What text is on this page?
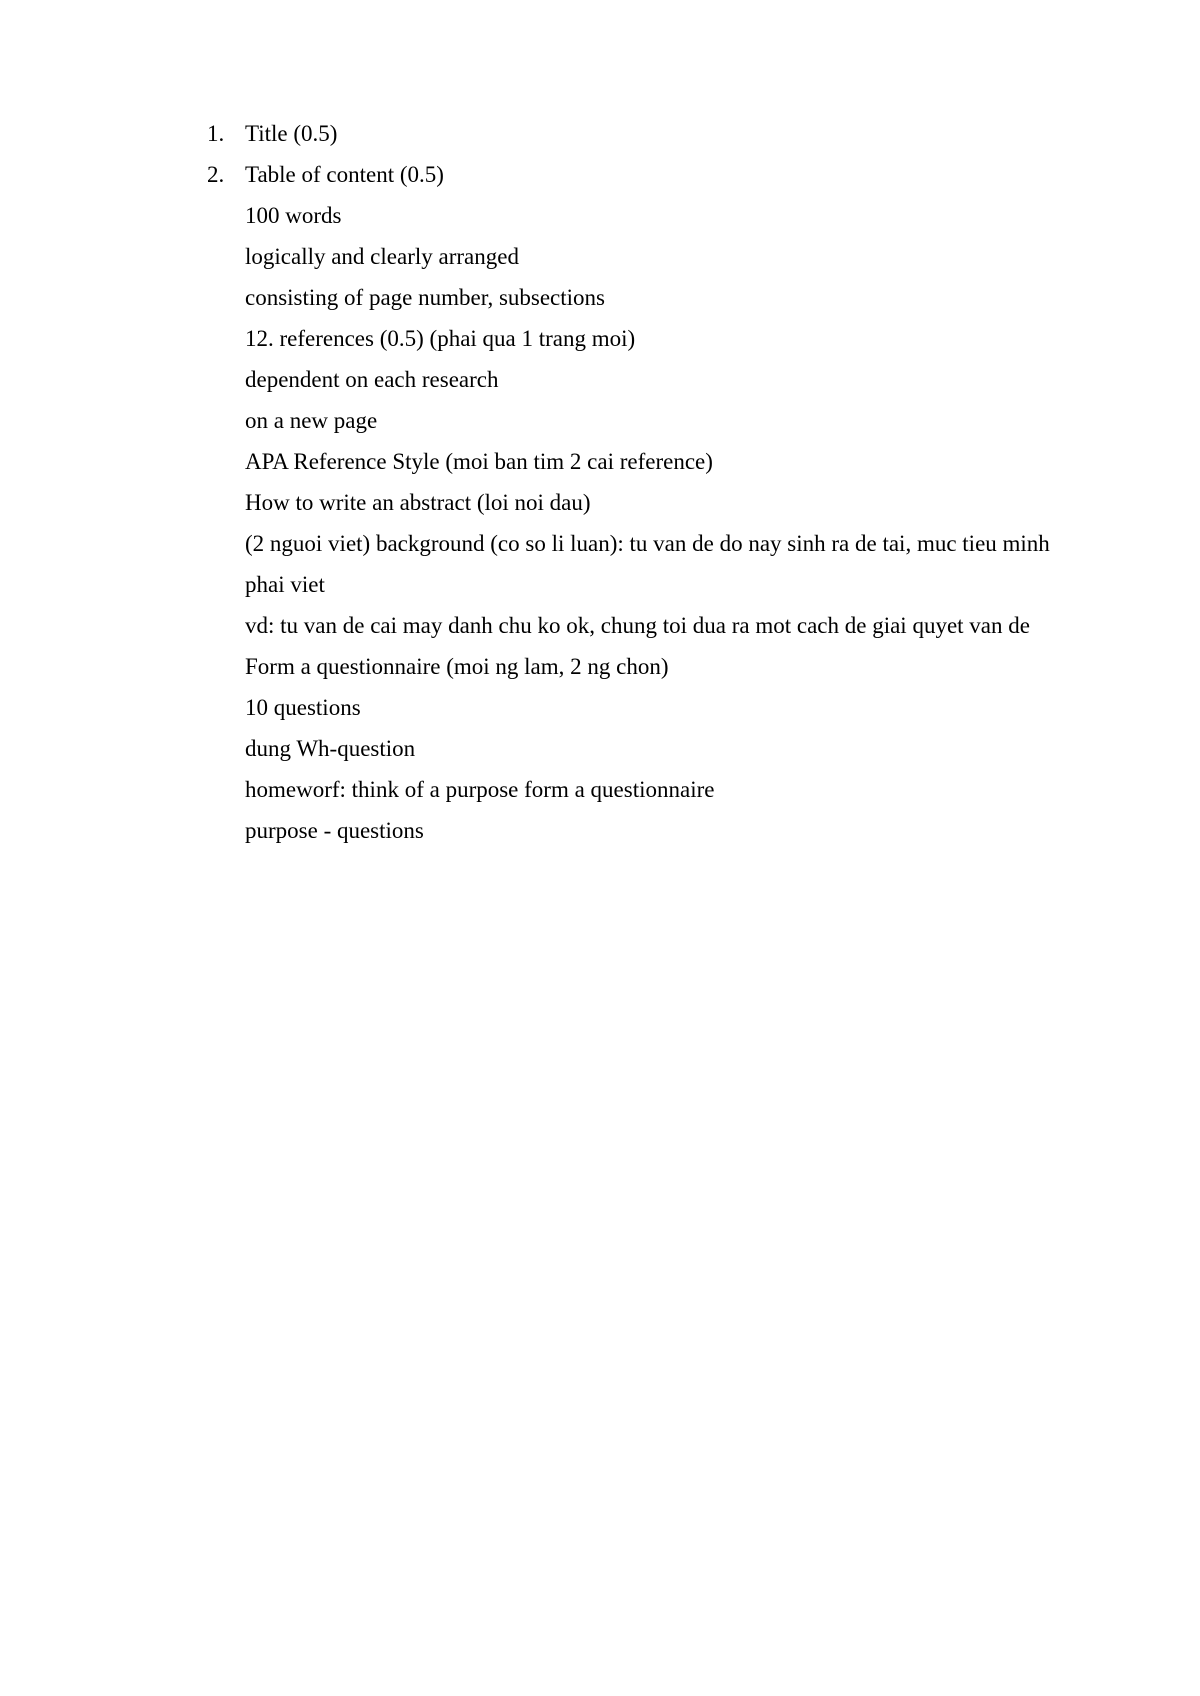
1. Title (0.5)
2. Table of content (0.5)
100 words
logically and clearly arranged
consisting of page number, subsections
12. references (0.5) (phai qua 1 trang moi)
dependent on each research
on a new page
APA Reference Style (moi ban tim 2 cai reference)
How to write an abstract (loi noi dau)
(2 nguoi viet) background (co so li luan): tu van de do nay sinh ra de tai, muc tieu minh phai viet
vd: tu van de cai may danh chu ko ok, chung toi dua ra mot cach de giai quyet van de
Form a questionnaire (moi ng lam, 2 ng chon)
10 questions
dung Wh-question
homeworf: think of a purpose form a questionnaire
purpose - questions
